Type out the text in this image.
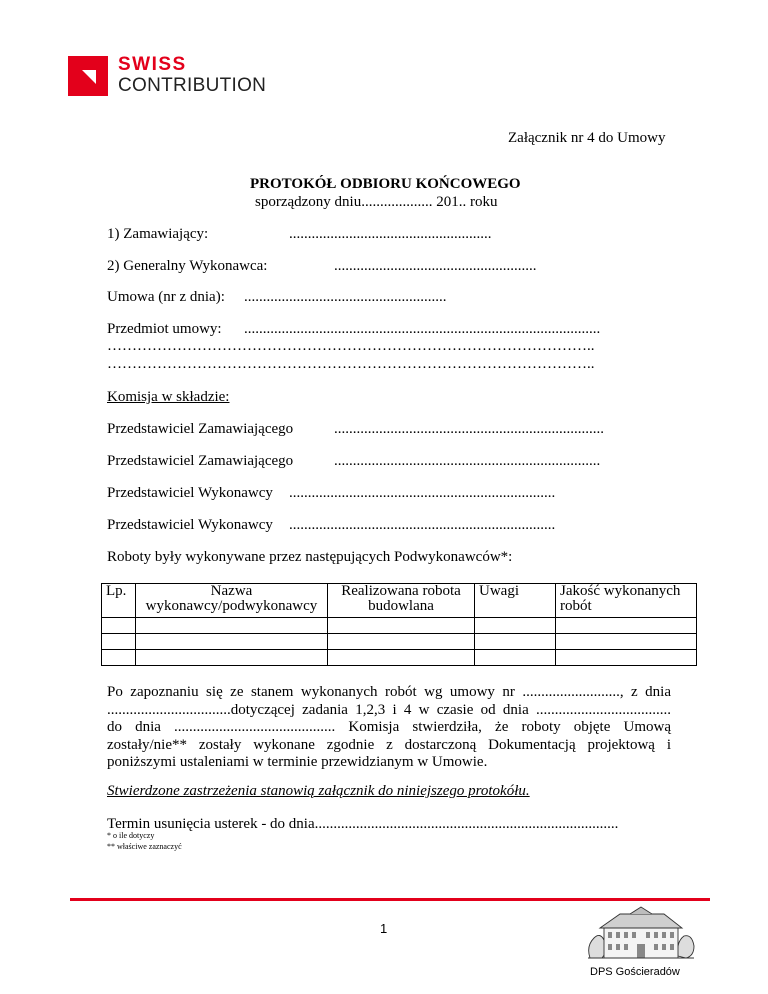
SWISS
CONTRIBUTION
Załącznik nr 4 do Umowy
PROTOKÓŁ ODBIORU KOŃCOWEGO
sporządzony dniu................... 201.. roku
1) Zamawiający:	......................................................
2) Generalny Wykonawca:	......................................................
Umowa (nr z dnia): ......................................................
Przedmiot umowy: ...............................................................................................
……………………………………………………………………………………..
……………………………………………………………………………………..
Komisja w składzie:
Przedstawiciel Zamawiającego	........................................................................
Przedstawiciel Zamawiającego	.......................................................................
Przedstawiciel Wykonawcy .......................................................................
Przedstawiciel Wykonawcy .......................................................................
Roboty były wykonywane przez następujących Podwykonawców*:
Lp.	Nazwa wykonawcy/podwykonawcy	Realizowana robota budowlana	Uwagi	Jakość wykonanych robót

Po zapoznaniu się ze stanem wykonanych robót wg umowy nr .........................., z dnia
.................................dotyczącej zadania 1,2,3 i 4 w czasie od dnia ....................................
do dnia ........................................... Komisja stwierdziła, że roboty objęte Umową
zostały/nie** zostały wykonane zgodnie z dostarczoną Dokumentacją projektową i
poniższymi ustaleniami w terminie przewidzianym w Umowie.
Stwierdzone zastrzeżenia stanowią załącznik do niniejszego protokółu.
Termin usunięcia usterek - do dnia.................................................................................
* o ile dotyczy
** właściwe zaznaczyć
1
DPS Gościeradów
